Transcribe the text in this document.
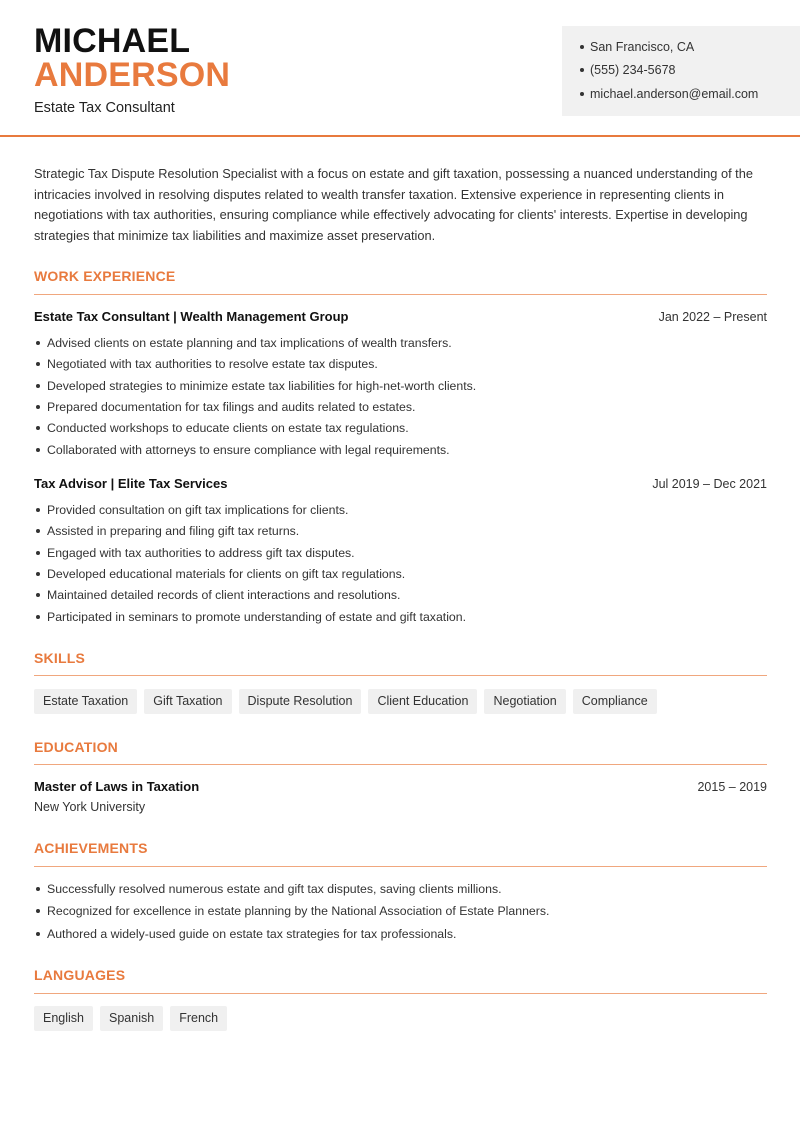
MICHAEL
ANDERSON
Estate Tax Consultant
San Francisco, CA
(555) 234-5678
michael.anderson@email.com

Strategic Tax Dispute Resolution Specialist with a focus on estate and gift taxation, possessing a nuanced understanding of the intricacies involved in resolving disputes related to wealth transfer taxation. Extensive experience in representing clients in negotiations with tax authorities, ensuring compliance while effectively advocating for clients' interests. Expertise in developing strategies that minimize tax liabilities and maximize asset preservation.

WORK EXPERIENCE
Estate Tax Consultant | Wealth Management Group	Jan 2022 – Present
Advised clients on estate planning and tax implications of wealth transfers.
Negotiated with tax authorities to resolve estate tax disputes.
Developed strategies to minimize estate tax liabilities for high-net-worth clients.
Prepared documentation for tax filings and audits related to estates.
Conducted workshops to educate clients on estate tax regulations.
Collaborated with attorneys to ensure compliance with legal requirements.
Tax Advisor | Elite Tax Services	Jul 2019 – Dec 2021
Provided consultation on gift tax implications for clients.
Assisted in preparing and filing gift tax returns.
Engaged with tax authorities to address gift tax disputes.
Developed educational materials for clients on gift tax regulations.
Maintained detailed records of client interactions and resolutions.
Participated in seminars to promote understanding of estate and gift taxation.
SKILLS
Estate Taxation	Gift Taxation	Dispute Resolution	Client Education	Negotiation	Compliance
EDUCATION
Master of Laws in Taxation	2015 – 2019
New York University
ACHIEVEMENTS
Successfully resolved numerous estate and gift tax disputes, saving clients millions.
Recognized for excellence in estate planning by the National Association of Estate Planners.
Authored a widely-used guide on estate tax strategies for tax professionals.
LANGUAGES
English	Spanish	French
